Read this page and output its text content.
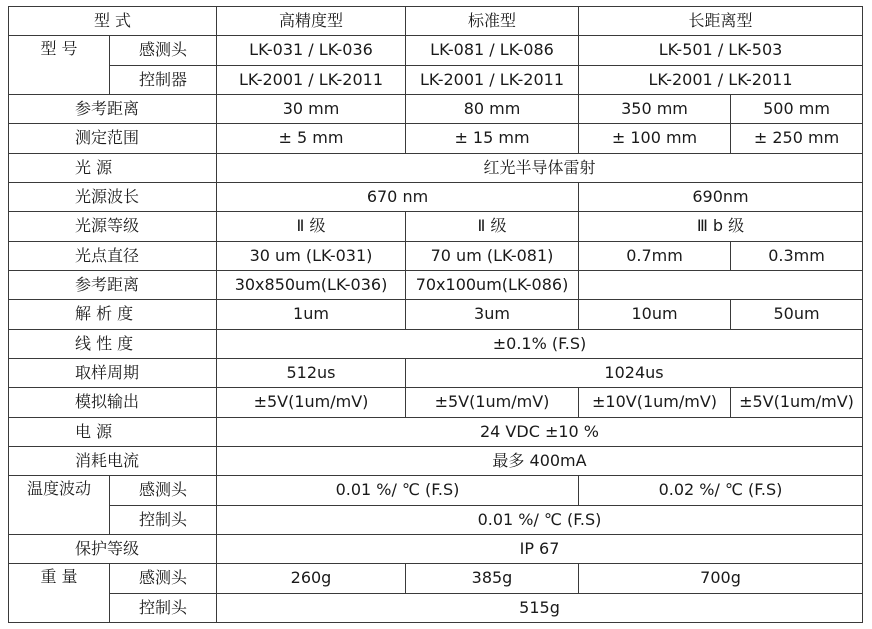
型 式		高精度型	标准型	长距离型	
型 号	感测头	LK-031 / LK-036	LK-081 / LK-086	LK-501 / LK-503	
	控制器	LK-2001 / LK-2011	LK-2001 / LK-2011	LK-2001 / LK-2011	
参考距离		30 mm	80 mm	350 mm	500 mm
测定范围		± 5 mm	± 15 mm	± 100 mm	± 250 mm
光 源		红光半导体雷射			
光源波长		670 nm		690nm	
光源等级		Ⅱ 级	Ⅱ 级	Ⅲ b 级	
光点直径		30 um (LK-031)	70 um (LK-081)	0.7mm	0.3mm
参考距离		30x850um(LK-036)	70x100um(LK-086)		
解 析 度		1um	3um	10um	50um
线 性 度		±0.1% (F.S)			
取样周期		512us	1024us		
模拟输出		±5V(1um/mV)	±5V(1um/mV)	±10V(1um/mV)	±5V(1um/mV)
电 源		24 VDC ±10 %			
消耗电流		最多 400mA			
温度波动	感测头	0.01 %/ ℃ (F.S)		0.02 %/ ℃ (F.S)	
	控制头	0.01 %/ ℃ (F.S)			
保护等级		IP 67			
重 量	感测头	260g	385g	700g	
	控制头	515g			
